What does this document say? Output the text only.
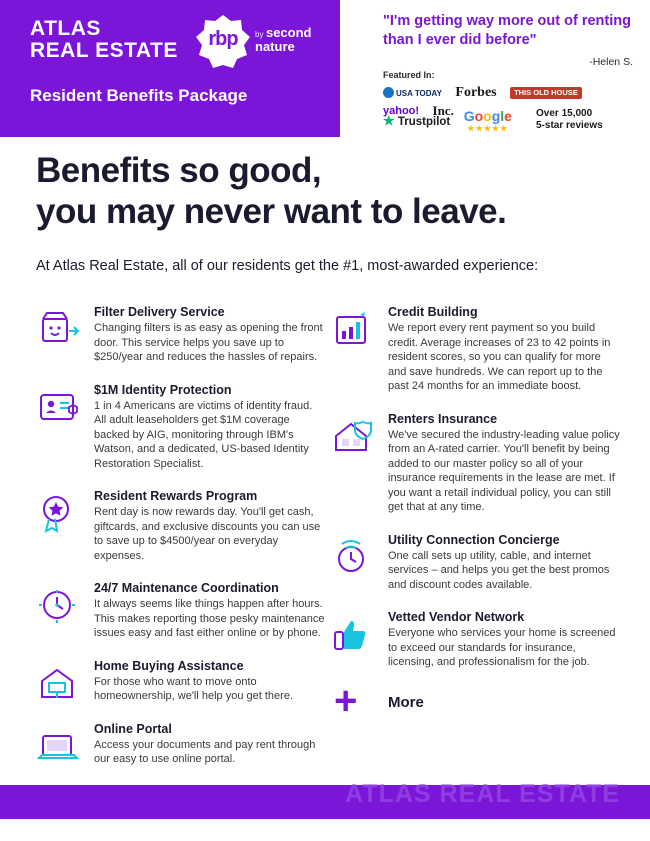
ATLAS
REAL ESTATE	rbp	by second nature
Resident Benefits Package
"I'm getting way more out of renting than I ever did before"
-Helen S.
Featured In:
USA TODAY Forbes THIS OLD HOUSE yahoo! Inc.
★ Trustpilot Google
★★★★★
Over 15,000
5-star reviews
Benefits so good,
you may never want to leave.
At Atlas Real Estate, all of our residents get the #1, most-awarded experience:
Filter Delivery Service

Changing filters is as easy as opening the front door. This service helps you save up to $250/year and reduces the hassles of repairs.

$1M Identity Protection

1 in 4 Americans are victims of identity fraud. All adult leaseholders get $1M coverage backed by AIG, monitoring through IBM's Watson, and a dedicated, US-based Identity Restoration Specialist.

Resident Rewards Program

Rent day is now rewards day. You'll get cash, giftcards, and exclusive discounts you can use to save up to $4500/year on everyday expenses.

24/7 Maintenance Coordination

It always seems like things happen after hours. This makes reporting those pesky maintenance issues easy and fast either online or by phone.

Home Buying Assistance

For those who want to move onto homeownership, we'll help you get there.

Online Portal

Access your documents and pay rent through our easy to use online portal.

Credit Building

We report every rent payment so you build credit. Average increases of 23 to 42 points in resident scores, so you can qualify for more and save hundreds. We can report up to the past 24 months for an immediate boost.

Renters Insurance

We've secured the industry-leading value policy from an A-rated carrier. You'll benefit by being added to our master policy so all of your insurance requirements in the lease are met. If you want a retail individual policy, you can still get that at any time.

Utility Connection Concierge

One call sets up utility, cable, and internet services – and helps you get the best promos and discount codes available.

Vetted Vendor Network

Everyone who services your home is screened to exceed our standards for insurance, licensing, and professionalism for the job.

+ More
ATLAS REAL ESTATE
